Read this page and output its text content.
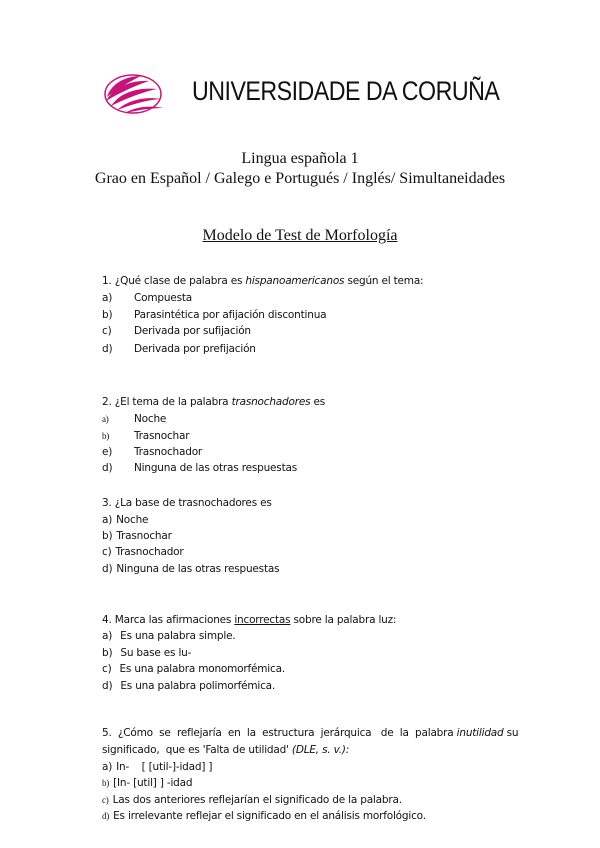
UNIVERSIDADE DA CORUÑA
Lingua española 1
Grao en Español / Galego e Portugués / Inglés/ Simultaneidades
Modelo de Test de Morfología
1. ¿Qué clase de palabra es hispanoamericanos según el tema:
a) Compuesta
b) Parasintética por afijación discontinua
c) Derivada por sufijación
d) Derivada por prefijación
2. ¿El tema de la palabra trasnochadores es
a) Noche
b) Trasnochar
e) Trasnochador
d) Ninguna de las otras respuestas
3. ¿La base de trasnochadores es
a) Noche
b) Trasnochar
c) Trasnochador
d) Ninguna de las otras respuestas
4. Marca las afirmaciones incorrectas sobre la palabra luz:
a) Es una palabra simple.
b) Su base es lu-
c) Es una palabra monomorfémica.
d) Es una palabra polimorfémica.
5.  ¿Cómo  se  reflejaría  en  la  estructura  jerárquica   de  la  palabra inutilidad su
significado,  que es 'Falta de utilidad' (DLE, s. v.):
a) In-    [ [util-]-idad] ]
b) [In- [util] ] -idad
c) Las dos anteriores reflejarían el significado de la palabra.
d) Es irrelevante reflejar el significado en el análisis morfológico.
